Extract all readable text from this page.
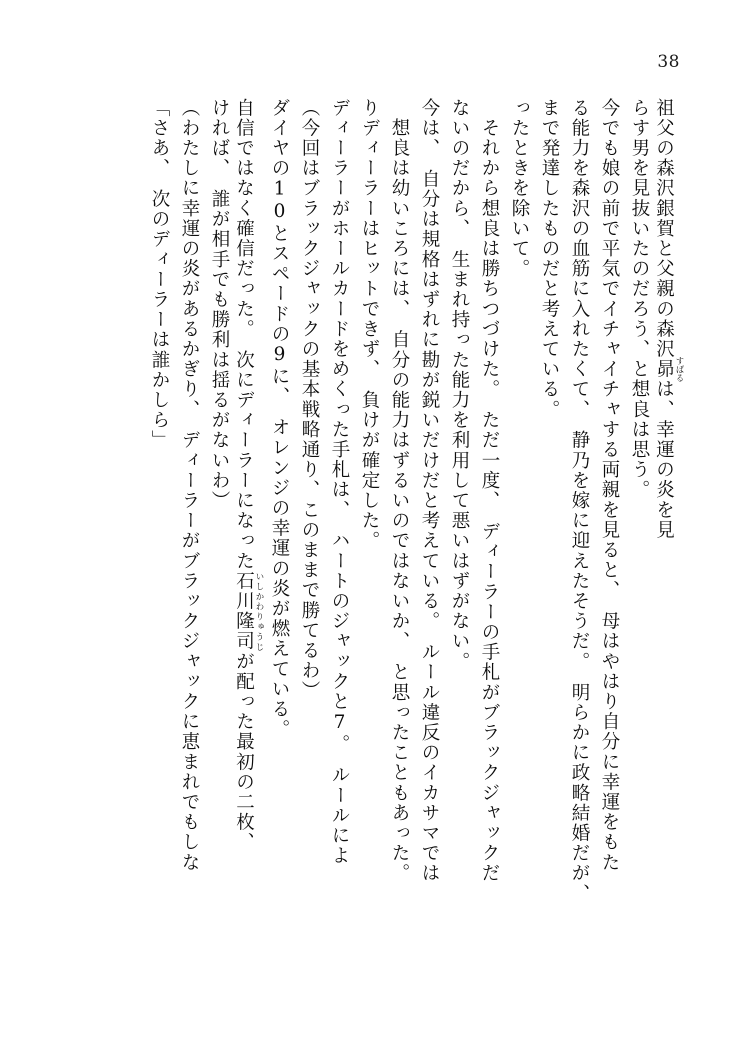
38
祖父の森沢銀賀と父親の森沢昴 すばるは、幸運の炎を見
らす男を見抜いたのだろう、と想良は思う。
今でも娘の前で平気でイチャイチャする両親を見ると、　母はやはり自分に幸運をもた
る能力を森沢の血筋に入れたくて、　静乃を嫁に迎えたそうだ。　明らかに政略結婚だが、
まで発達したものだと考えている。
ったときを除いて。
　それから想良は勝ちつづけた。　ただ一度、　ディーラーの手札がブラックジャックだ
ないのだから、　生まれ持った能力を利用して悪いはずがない。
今は、　自分は規格はずれに勘が鋭いだけだと考えている。　ルール違反のイカサマでは
　想良は幼いころには、　自分の能力はずるいのではないか、　と思ったこともあった。
りディーラーはヒットできず、　負けが確定した。
ディーラーがホールカードをめくった手札は、　ハートのジャックと7。　ルールによ
（今回はブラックジャックの基本戦略通り、このままで勝てるわ）
ダイヤの10とスペードの9に、　オレンジの幸運の炎が燃えている。
自信ではなく確信だった。　次にディーラーになった石川隆司 いしかわりゅうじが配った最初の二枚、
ければ、　誰が相手でも勝利は揺るがないわ）
（わたしに幸運の炎があるかぎり、　ディーラーがブラックジャックに恵まれでもしな
「さあ、　次のディーラーは誰かしら」
